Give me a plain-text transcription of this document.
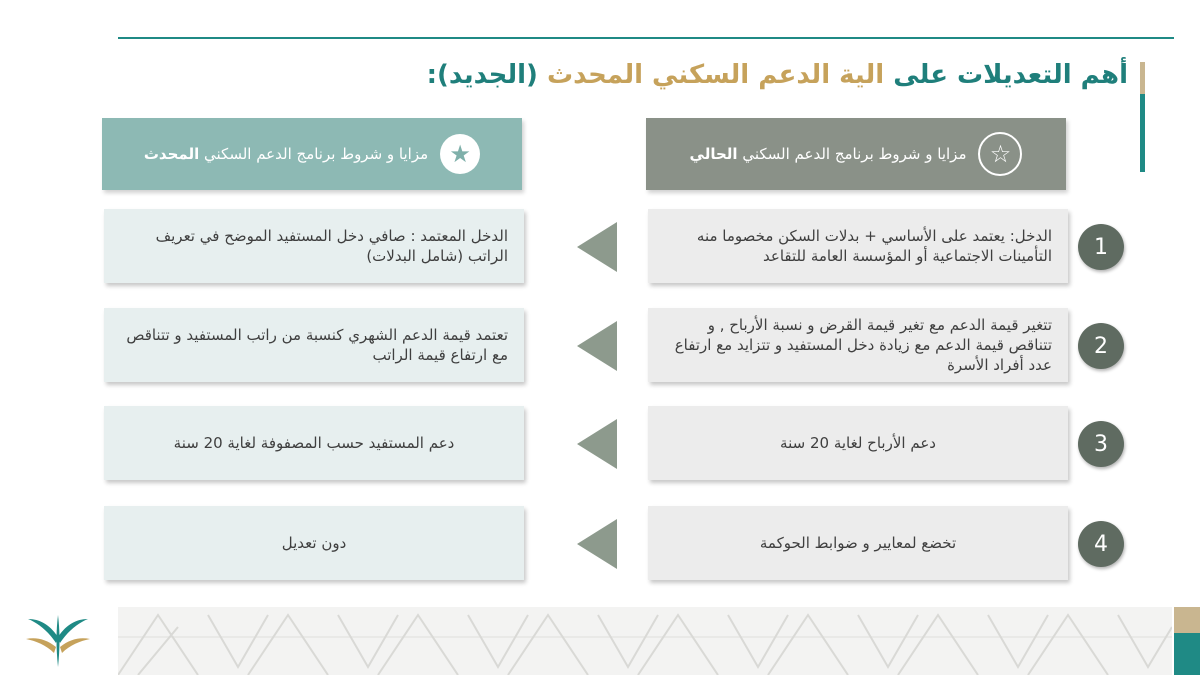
أهم التعديلات على الية الدعم السكني المحدث (الجديد):
☆
مزايا و شروط برنامج الدعم السكني الحالي
★
مزايا و شروط برنامج الدعم السكني المحدث
1
الدخل: يعتمد على الأساسي + بدلات السكن مخصوما منه التأمينات الاجتماعية أو المؤسسة العامة للتقاعد
الدخل المعتمد : صافي دخل المستفيد الموضح في تعريف الراتب (شامل البدلات)
2
تتغير قيمة الدعم مع تغير قيمة القرض و نسبة الأرباح , و تتناقص قيمة الدعم مع زيادة دخل المستفيد و تتزايد مع ارتفاع عدد أفراد الأسرة
تعتمد قيمة الدعم الشهري كنسبة من راتب المستفيد و تتناقص مع ارتفاع قيمة الراتب
3
دعم الأرباح لغاية 20 سنة
دعم المستفيد حسب المصفوفة لغاية 20 سنة
4
تخضع لمعايير و ضوابط الحوكمة
دون تعديل
